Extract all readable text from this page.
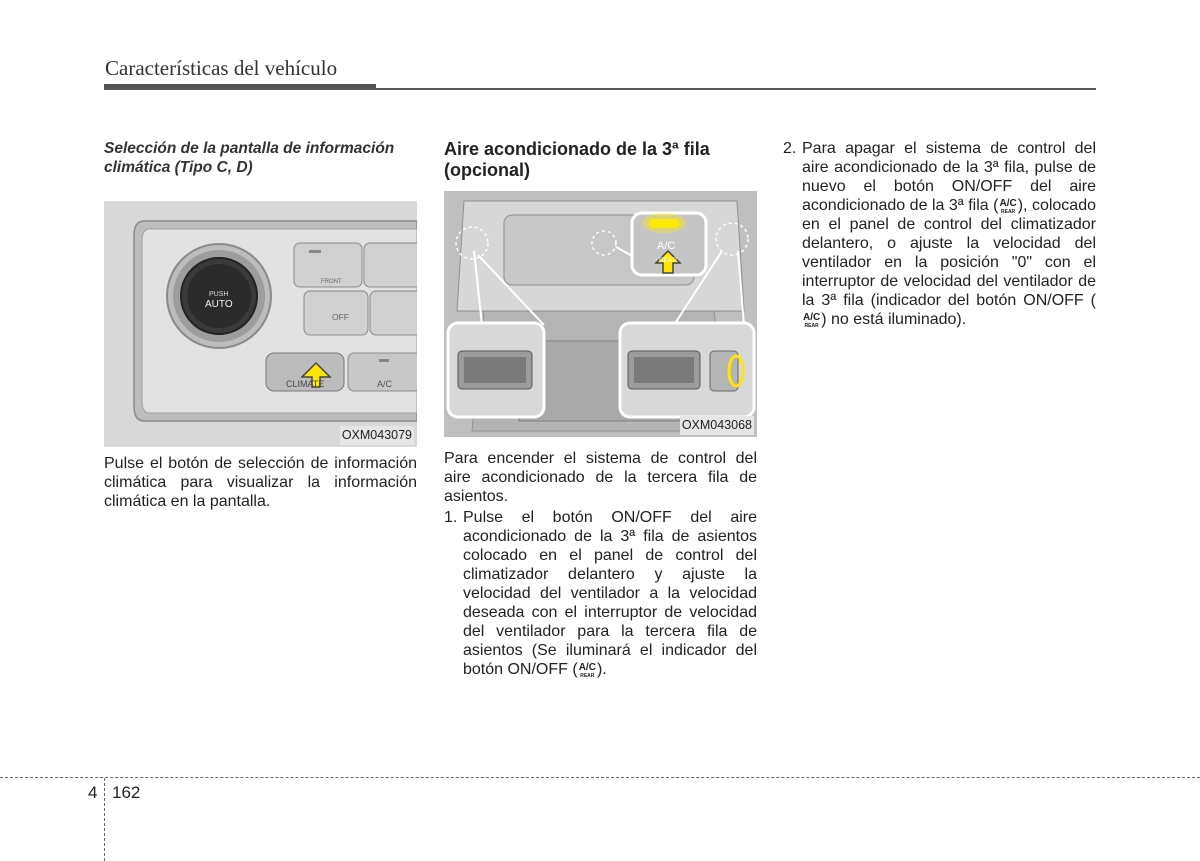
Características del vehículo
Selección de la pantalla de información climática (Tipo C, D)
PUSH
AUTO
FRONT
OFF
CLIMATE	A/C
OXM043079

Pulse el botón de selección de información climática para visualizar la información climática en la pantalla.

Aire acondicionado de la 3ª fila (opcional)
A/C
REAR
OXM043068

Para encender el sistema de control del aire acondicionado de la tercera fila de asientos.

1. Pulse el botón ON/OFF del aire acondicionado de la 3ª fila de asientos colocado en el panel de control del climatizador delantero y ajuste la velocidad del ventilador a la velocidad deseada con el interruptor de velocidad del ventilador para la tercera fila de asientos (Se iluminará el indicador del botón ON/OFF ( A/C
REAR ).
2. Para apagar el sistema de control del aire acondicionado de la 3ª fila, pulse de nuevo el botón ON/OFF del aire acondicionado de la 3ª fila ( A/C
REAR ), colocado en el panel de control del climatizador delantero, o ajuste la velocidad del ventilador en la posición "0" con el interruptor de velocidad del ventilador de la 3ª fila (indicador del botón ON/OFF (
A/C
REAR ) no está iluminado).
4 162
